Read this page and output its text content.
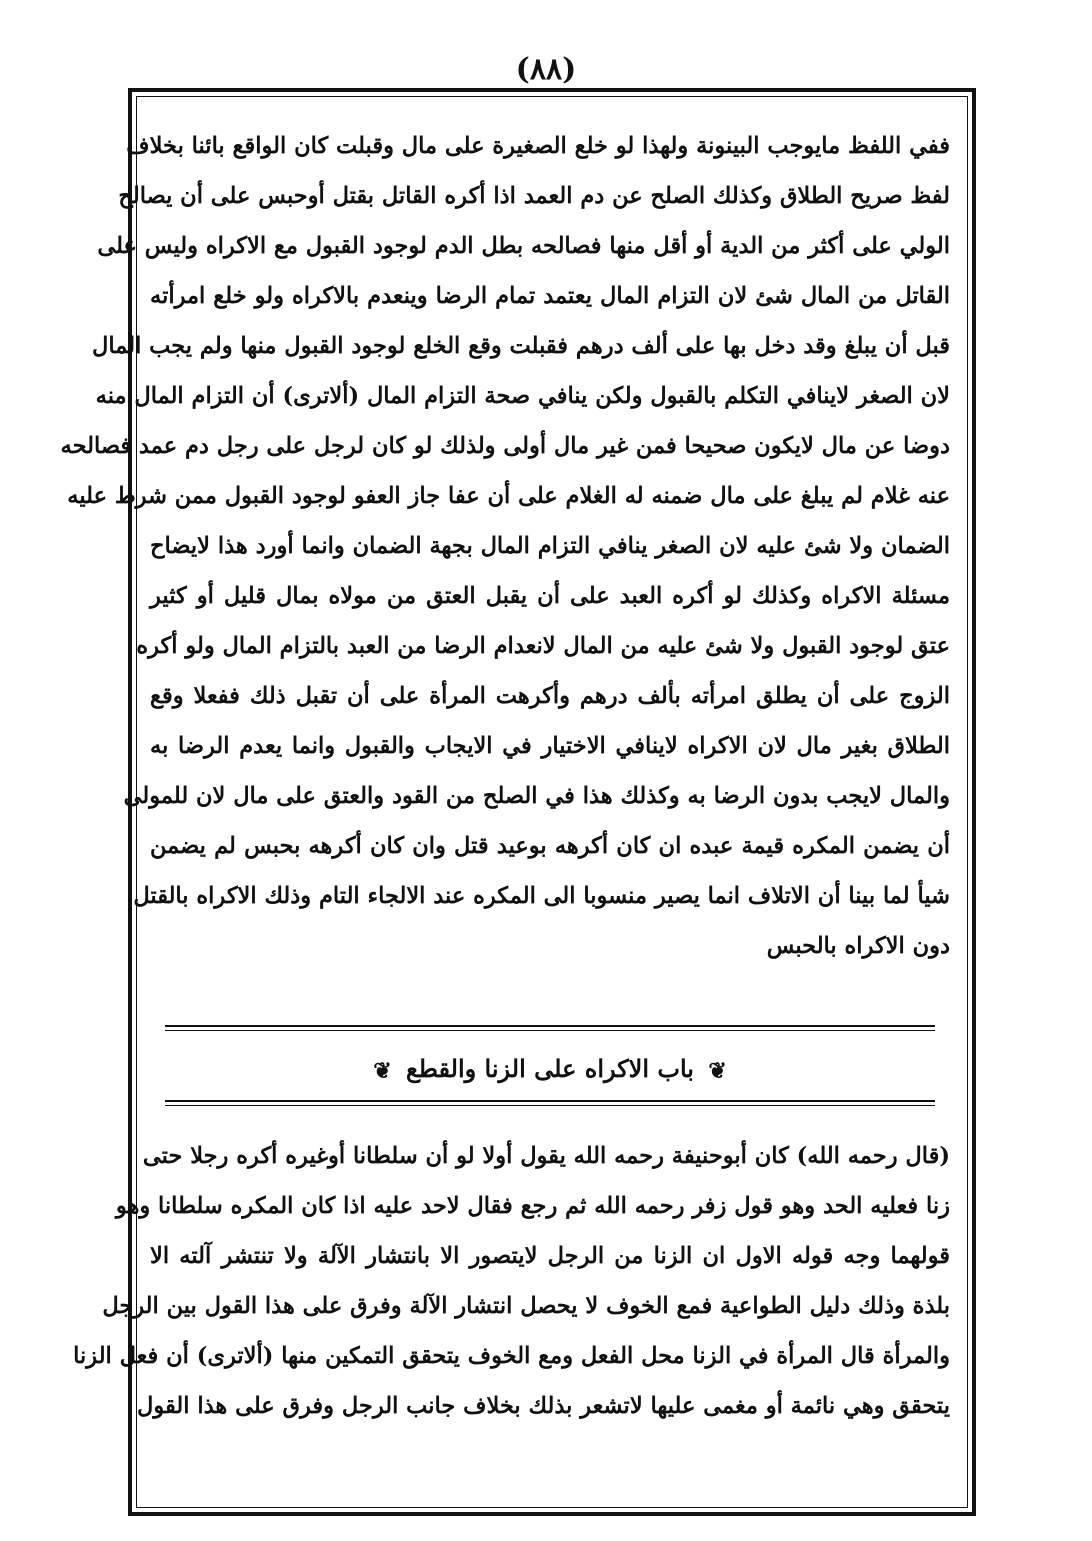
(٨٨)
ففي اللفظ مايوجب البينونة ولهذا لو خلع الصغيرة على مال وقبلت كان الواقع بائنا بخلاف
لفظ صريح الطلاق وكذلك الصلح عن دم العمد اذا أكره القاتل بقتل أوحبس على أن يصالح
الولي على أكثر من الدية أو أقل منها فصالحه بطل الدم لوجود القبول مع الاكراه وليس على
القاتل من المال شئ لان التزام المال يعتمد تمام الرضا وينعدم بالاكراه ولو خلع امرأته
قبل أن يبلغ وقد دخل بها على ألف درهم فقبلت وقع الخلع لوجود القبول منها ولم يجب المال
لان الصغر لاينافي التكلم بالقبول ولكن ينافي صحة التزام المال (ألاترى) أن التزام المال منه
دوضا عن مال لايكون صحيحا فمن غير مال أولى ولذلك لو كان لرجل على رجل دم عمد فصالحه
عنه غلام لم يبلغ على مال ضمنه له الغلام على أن عفا جاز العفو لوجود القبول ممن شرط عليه
الضمان ولا شئ عليه لان الصغر ينافي التزام المال بجهة الضمان وانما أورد هذا لايضاح
مسئلة الاكراه وكذلك لو أكره العبد على أن يقبل العتق من مولاه بمال قليل أو كثير
عتق لوجود القبول ولا شئ عليه من المال لانعدام الرضا من العبد بالتزام المال ولو أكره
الزوج على أن يطلق امرأته بألف درهم وأكرهت المرأة على أن تقبل ذلك ففعلا وقع
الطلاق بغير مال لان الاكراه لاينافي الاختيار في الايجاب والقبول وانما يعدم الرضا به
والمال لايجب بدون الرضا به وكذلك هذا في الصلح من القود والعتق على مال لان للمولى
أن يضمن المكره قيمة عبده ان كان أكرهه بوعيد قتل وان كان أكرهه بحبس لم يضمن
شيأ لما بينا أن الاتلاف انما يصير منسوبا الى المكره عند الالجاء التام وذلك الاكراه بالقتل
دون الاكراه بالحبس
❦ باب الاكراه على الزنا والقطع ❦
(قال رحمه الله) كان أبوحنيفة رحمه الله يقول أولا لو أن سلطانا أوغيره أكره رجلا حتى
زنا فعليه الحد وهو قول زفر رحمه الله ثم رجع فقال لاحد عليه اذا كان المكره سلطانا وهو
قولهما وجه قوله الاول ان الزنا من الرجل لايتصور الا بانتشار الآلة ولا تنتشر آلته الا
بلذة وذلك دليل الطواعية فمع الخوف لا يحصل انتشار الآلة وفرق على هذا القول بين الرجل
والمرأة قال المرأة في الزنا محل الفعل ومع الخوف يتحقق التمكين منها (ألاترى) أن فعل الزنا
يتحقق وهي نائمة أو مغمى عليها لاتشعر بذلك بخلاف جانب الرجل وفرق على هذا القول
